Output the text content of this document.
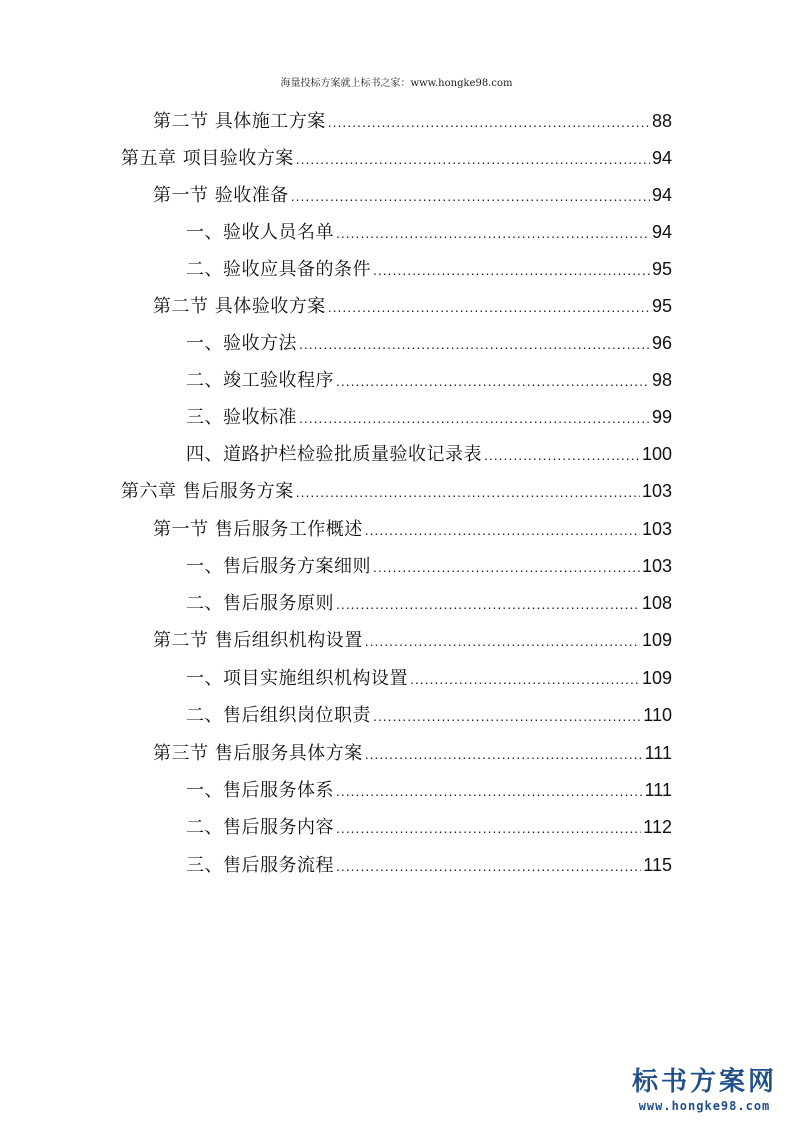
海量投标方案就上标书之家：www.hongke98.com
第二节 具体施工方案 .....	88
第五章 项目验收方案 .....	94
第一节 验收准备 .....	94
一、验收人员名单 .....	94
二、验收应具备的条件 .....	95
第二节 具体验收方案 .....	95
一、验收方法 .....	96
二、竣工验收程序 .....	98
三、验收标准 .....	99
四、道路护栏检验批质量验收记录表 .....	100
第六章 售后服务方案 .....	103
第一节 售后服务工作概述 .....	103
一、售后服务方案细则 .....	103
二、售后服务原则 .....	108
第二节 售后组织机构设置 .....	109
一、项目实施组织机构设置 .....	109
二、售后组织岗位职责 .....	110
第三节 售后服务具体方案 .....	111
一、售后服务体系 .....	111
二、售后服务内容 .....	112
三、售后服务流程 .....	115
标书方案网
www.hongke98.com
